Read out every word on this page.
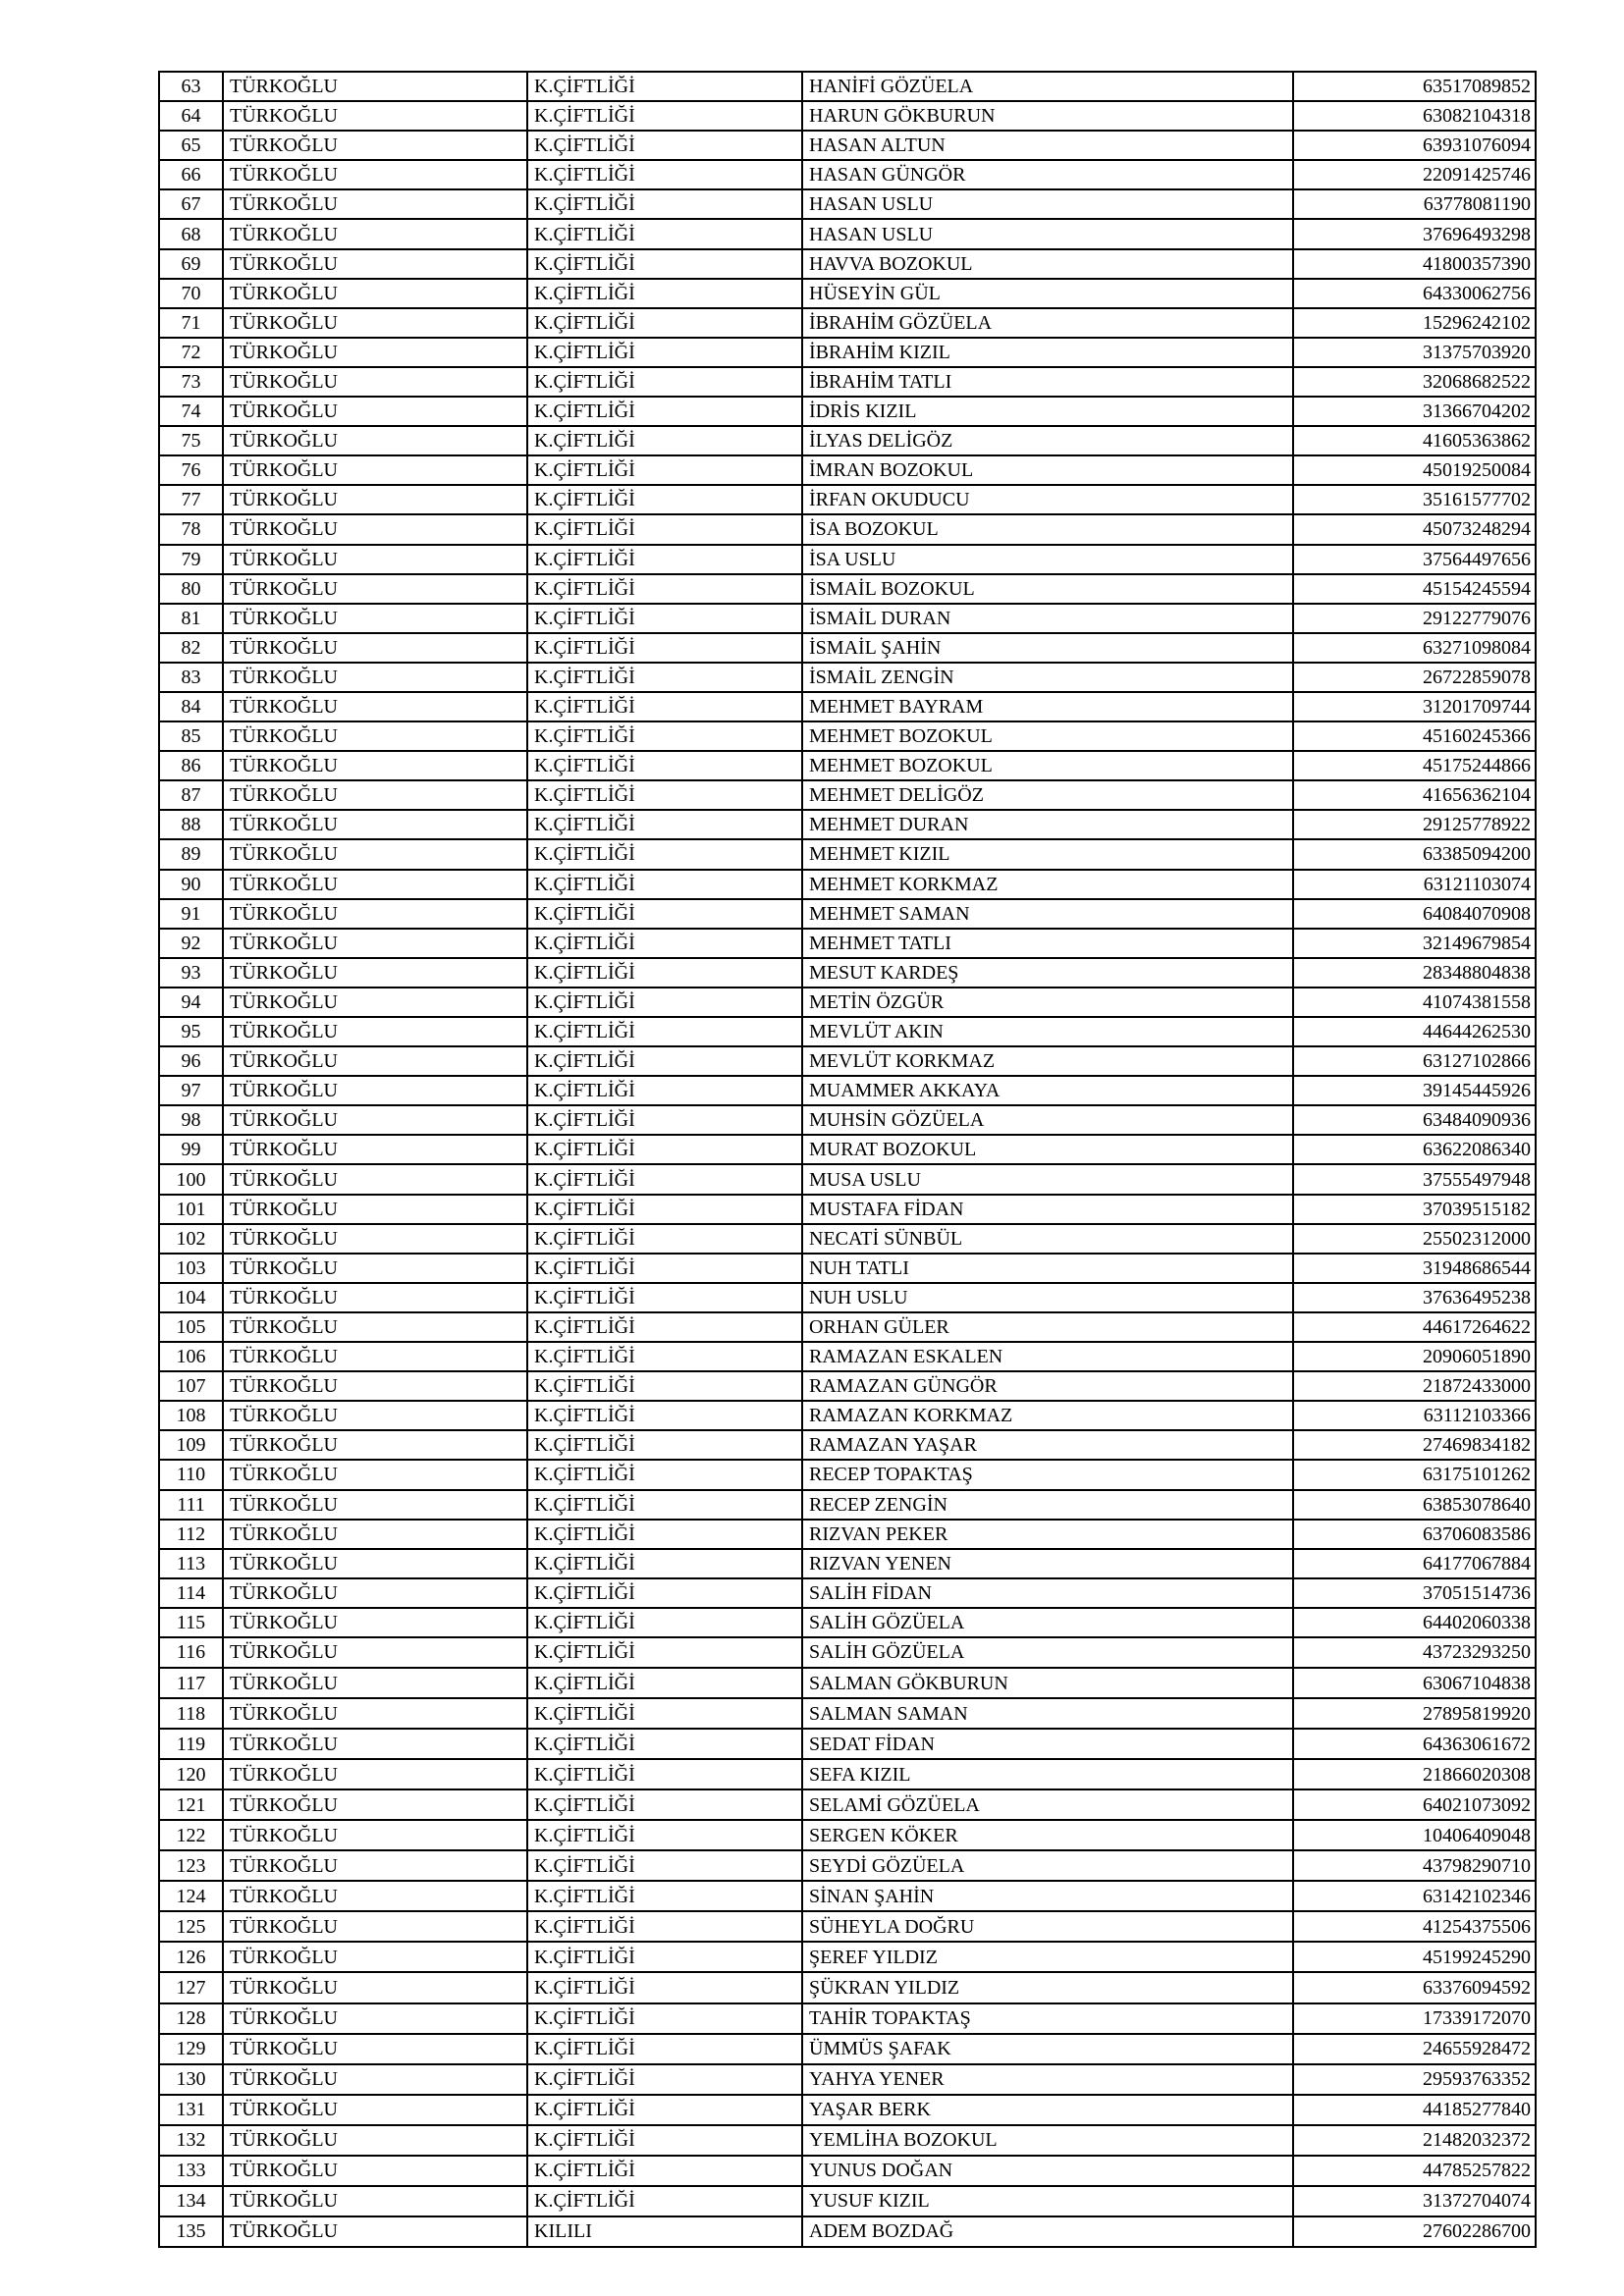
63	TÜRKOĞLU	K.ÇİFTLİĞİ	HANİFİ GÖZÜELA	63517089852
64	TÜRKOĞLU	K.ÇİFTLİĞİ	HARUN GÖKBURUN	63082104318
65	TÜRKOĞLU	K.ÇİFTLİĞİ	HASAN ALTUN	63931076094
66	TÜRKOĞLU	K.ÇİFTLİĞİ	HASAN GÜNGÖR	22091425746
67	TÜRKOĞLU	K.ÇİFTLİĞİ	HASAN USLU	63778081190
68	TÜRKOĞLU	K.ÇİFTLİĞİ	HASAN USLU	37696493298
69	TÜRKOĞLU	K.ÇİFTLİĞİ	HAVVA BOZOKUL	41800357390
70	TÜRKOĞLU	K.ÇİFTLİĞİ	HÜSEYİN GÜL	64330062756
71	TÜRKOĞLU	K.ÇİFTLİĞİ	İBRAHİM GÖZÜELA	15296242102
72	TÜRKOĞLU	K.ÇİFTLİĞİ	İBRAHİM KIZIL	31375703920
73	TÜRKOĞLU	K.ÇİFTLİĞİ	İBRAHİM TATLI	32068682522
74	TÜRKOĞLU	K.ÇİFTLİĞİ	İDRİS KIZIL	31366704202
75	TÜRKOĞLU	K.ÇİFTLİĞİ	İLYAS DELİGÖZ	41605363862
76	TÜRKOĞLU	K.ÇİFTLİĞİ	İMRAN BOZOKUL	45019250084
77	TÜRKOĞLU	K.ÇİFTLİĞİ	İRFAN OKUDUCU	35161577702
78	TÜRKOĞLU	K.ÇİFTLİĞİ	İSA BOZOKUL	45073248294
79	TÜRKOĞLU	K.ÇİFTLİĞİ	İSA USLU	37564497656
80	TÜRKOĞLU	K.ÇİFTLİĞİ	İSMAİL BOZOKUL	45154245594
81	TÜRKOĞLU	K.ÇİFTLİĞİ	İSMAİL DURAN	29122779076
82	TÜRKOĞLU	K.ÇİFTLİĞİ	İSMAİL ŞAHİN	63271098084
83	TÜRKOĞLU	K.ÇİFTLİĞİ	İSMAİL ZENGİN	26722859078
84	TÜRKOĞLU	K.ÇİFTLİĞİ	MEHMET BAYRAM	31201709744
85	TÜRKOĞLU	K.ÇİFTLİĞİ	MEHMET BOZOKUL	45160245366
86	TÜRKOĞLU	K.ÇİFTLİĞİ	MEHMET BOZOKUL	45175244866
87	TÜRKOĞLU	K.ÇİFTLİĞİ	MEHMET DELİGÖZ	41656362104
88	TÜRKOĞLU	K.ÇİFTLİĞİ	MEHMET DURAN	29125778922
89	TÜRKOĞLU	K.ÇİFTLİĞİ	MEHMET KIZIL	63385094200
90	TÜRKOĞLU	K.ÇİFTLİĞİ	MEHMET KORKMAZ	63121103074
91	TÜRKOĞLU	K.ÇİFTLİĞİ	MEHMET SAMAN	64084070908
92	TÜRKOĞLU	K.ÇİFTLİĞİ	MEHMET TATLI	32149679854
93	TÜRKOĞLU	K.ÇİFTLİĞİ	MESUT KARDEŞ	28348804838
94	TÜRKOĞLU	K.ÇİFTLİĞİ	METİN ÖZGÜR	41074381558
95	TÜRKOĞLU	K.ÇİFTLİĞİ	MEVLÜT AKIN	44644262530
96	TÜRKOĞLU	K.ÇİFTLİĞİ	MEVLÜT KORKMAZ	63127102866
97	TÜRKOĞLU	K.ÇİFTLİĞİ	MUAMMER AKKAYA	39145445926
98	TÜRKOĞLU	K.ÇİFTLİĞİ	MUHSİN GÖZÜELA	63484090936
99	TÜRKOĞLU	K.ÇİFTLİĞİ	MURAT BOZOKUL	63622086340
100	TÜRKOĞLU	K.ÇİFTLİĞİ	MUSA USLU	37555497948
101	TÜRKOĞLU	K.ÇİFTLİĞİ	MUSTAFA FİDAN	37039515182
102	TÜRKOĞLU	K.ÇİFTLİĞİ	NECATİ SÜNBÜL	25502312000
103	TÜRKOĞLU	K.ÇİFTLİĞİ	NUH TATLI	31948686544
104	TÜRKOĞLU	K.ÇİFTLİĞİ	NUH USLU	37636495238
105	TÜRKOĞLU	K.ÇİFTLİĞİ	ORHAN GÜLER	44617264622
106	TÜRKOĞLU	K.ÇİFTLİĞİ	RAMAZAN ESKALEN	20906051890
107	TÜRKOĞLU	K.ÇİFTLİĞİ	RAMAZAN GÜNGÖR	21872433000
108	TÜRKOĞLU	K.ÇİFTLİĞİ	RAMAZAN KORKMAZ	63112103366
109	TÜRKOĞLU	K.ÇİFTLİĞİ	RAMAZAN YAŞAR	27469834182
110	TÜRKOĞLU	K.ÇİFTLİĞİ	RECEP TOPAKTAŞ	63175101262
111	TÜRKOĞLU	K.ÇİFTLİĞİ	RECEP ZENGİN	63853078640
112	TÜRKOĞLU	K.ÇİFTLİĞİ	RIZVAN PEKER	63706083586
113	TÜRKOĞLU	K.ÇİFTLİĞİ	RIZVAN YENEN	64177067884
114	TÜRKOĞLU	K.ÇİFTLİĞİ	SALİH FİDAN	37051514736
115	TÜRKOĞLU	K.ÇİFTLİĞİ	SALİH GÖZÜELA	64402060338
116	TÜRKOĞLU	K.ÇİFTLİĞİ	SALİH GÖZÜELA	43723293250
117	TÜRKOĞLU	K.ÇİFTLİĞİ	SALMAN GÖKBURUN	63067104838
118	TÜRKOĞLU	K.ÇİFTLİĞİ	SALMAN SAMAN	27895819920
119	TÜRKOĞLU	K.ÇİFTLİĞİ	SEDAT FİDAN	64363061672
120	TÜRKOĞLU	K.ÇİFTLİĞİ	SEFA KIZIL	21866020308
121	TÜRKOĞLU	K.ÇİFTLİĞİ	SELAMİ GÖZÜELA	64021073092
122	TÜRKOĞLU	K.ÇİFTLİĞİ	SERGEN KÖKER	10406409048
123	TÜRKOĞLU	K.ÇİFTLİĞİ	SEYDİ GÖZÜELA	43798290710
124	TÜRKOĞLU	K.ÇİFTLİĞİ	SİNAN ŞAHİN	63142102346
125	TÜRKOĞLU	K.ÇİFTLİĞİ	SÜHEYLA DOĞRU	41254375506
126	TÜRKOĞLU	K.ÇİFTLİĞİ	ŞEREF YILDIZ	45199245290
127	TÜRKOĞLU	K.ÇİFTLİĞİ	ŞÜKRAN YILDIZ	63376094592
128	TÜRKOĞLU	K.ÇİFTLİĞİ	TAHİR TOPAKTAŞ	17339172070
129	TÜRKOĞLU	K.ÇİFTLİĞİ	ÜMMÜS ŞAFAK	24655928472
130	TÜRKOĞLU	K.ÇİFTLİĞİ	YAHYA YENER	29593763352
131	TÜRKOĞLU	K.ÇİFTLİĞİ	YAŞAR BERK	44185277840
132	TÜRKOĞLU	K.ÇİFTLİĞİ	YEMLİHA BOZOKUL	21482032372
133	TÜRKOĞLU	K.ÇİFTLİĞİ	YUNUS DOĞAN	44785257822
134	TÜRKOĞLU	K.ÇİFTLİĞİ	YUSUF KIZIL	31372704074
135	TÜRKOĞLU	KILILI	ADEM BOZDAĞ	27602286700
